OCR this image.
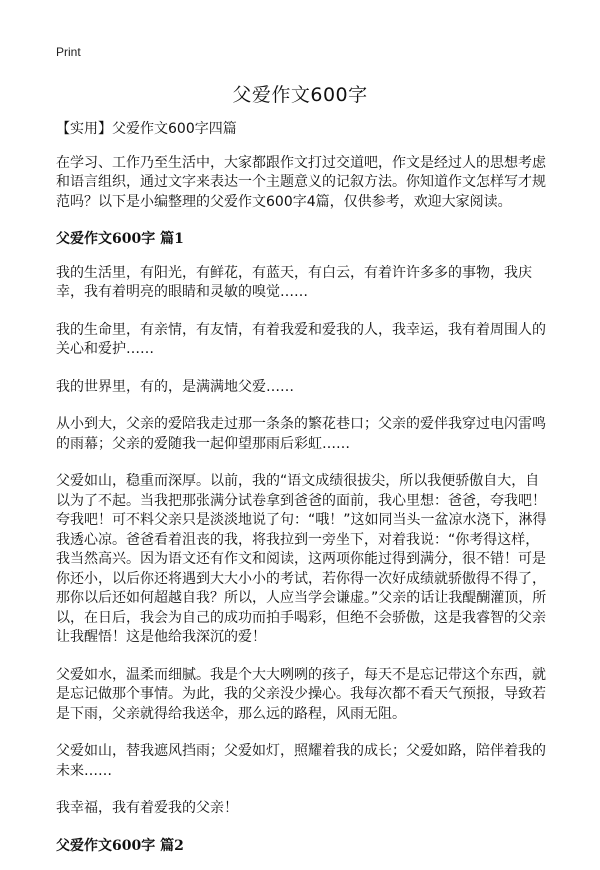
Print
父爱作文600字

【实用】父爱作文600字四篇

在学习、工作乃至生活中，大家都跟作文打过交道吧，作文是经过人的思想考虑和语言组织，通过文字来表达一个主题意义的记叙方法。你知道作文怎样写才规范吗？以下是小编整理的父爱作文600字4篇，仅供参考，欢迎大家阅读。

父爱作文600字 篇1

我的生活里，有阳光，有鲜花，有蓝天，有白云，有着许许多多的事物，我庆幸，我有着明亮的眼睛和灵敏的嗅觉……

我的生命里，有亲情，有友情，有着我爱和爱我的人，我幸运，我有着周围人的关心和爱护……

我的世界里，有的，是满满地父爱……

从小到大，父亲的爱陪我走过那一条条的繁花巷口；父亲的爱伴我穿过电闪雷鸣的雨幕；父亲的爱随我一起仰望那雨后彩虹……

父爱如山，稳重而深厚。以前，我的“语文成绩很拔尖，所以我便骄傲自大，自以为了不起。当我把那张满分试卷拿到爸爸的面前，我心里想：爸爸，夸我吧！夸我吧！可不料父亲只是淡淡地说了句：“哦！”这如同当头一盆凉水浇下，淋得我透心凉。爸爸看着沮丧的我，将我拉到一旁坐下，对着我说：“你考得这样，我当然高兴。因为语文还有作文和阅读，这两项你能过得到满分，很不错！可是你还小，以后你还将遇到大大小小的考试，若你得一次好成绩就骄傲得不得了，那你以后还如何超越自我？所以，人应当学会谦虚。”父亲的话让我醍醐灌顶，所以，在日后，我会为自己的成功而拍手喝彩，但绝不会骄傲，这是我睿智的父亲让我醒悟！这是他给我深沉的爱！

父爱如水，温柔而细腻。我是个大大咧咧的孩子，每天不是忘记带这个东西，就是忘记做那个事情。为此，我的父亲没少操心。我每次都不看天气预报，导致若是下雨，父亲就得给我送伞，那么远的路程，风雨无阻。

父爱如山，替我遮风挡雨；父爱如灯，照耀着我的成长；父爱如路，陪伴着我的未来……

我幸福，我有着爱我的父亲！

父爱作文600字 篇2
